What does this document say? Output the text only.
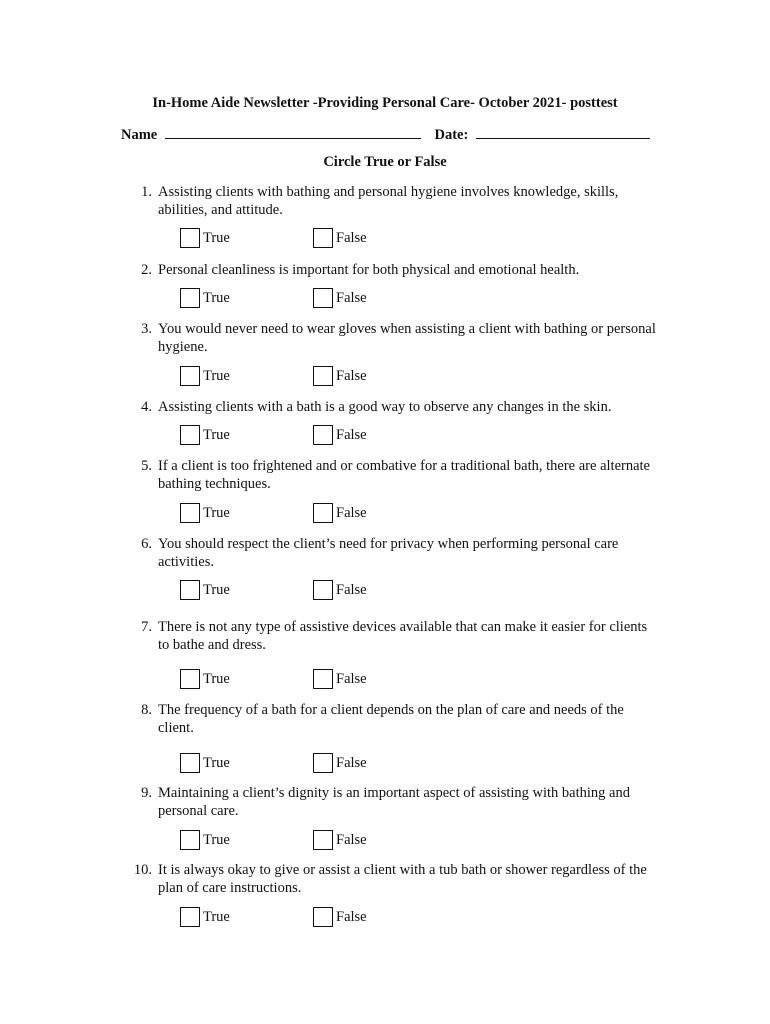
In-Home Aide Newsletter -Providing Personal Care- October 2021- posttest
Name	Date:
Circle True or False
1. Assisting clients with bathing and personal hygiene involves knowledge, skills, abilities, and attitude.
True	False
2. Personal cleanliness is important for both physical and emotional health.
True	False
3. You would never need to wear gloves when assisting a client with bathing or personal hygiene.
True	False
4. Assisting clients with a bath is a good way to observe any changes in the skin.
True	False
5. If a client is too frightened and or combative for a traditional bath, there are alternate bathing techniques.
True	False
6. You should respect the client’s need for privacy when performing personal care activities.
True	False
7. There is not any type of assistive devices available that can make it easier for clients to bathe and dress.
True	False
8. The frequency of a bath for a client depends on the plan of care and needs of the client.
True	False
9. Maintaining a client’s dignity is an important aspect of assisting with bathing and personal care.
True	False
10. It is always okay to give or assist a client with a tub bath or shower regardless of the plan of care instructions.
True	False
